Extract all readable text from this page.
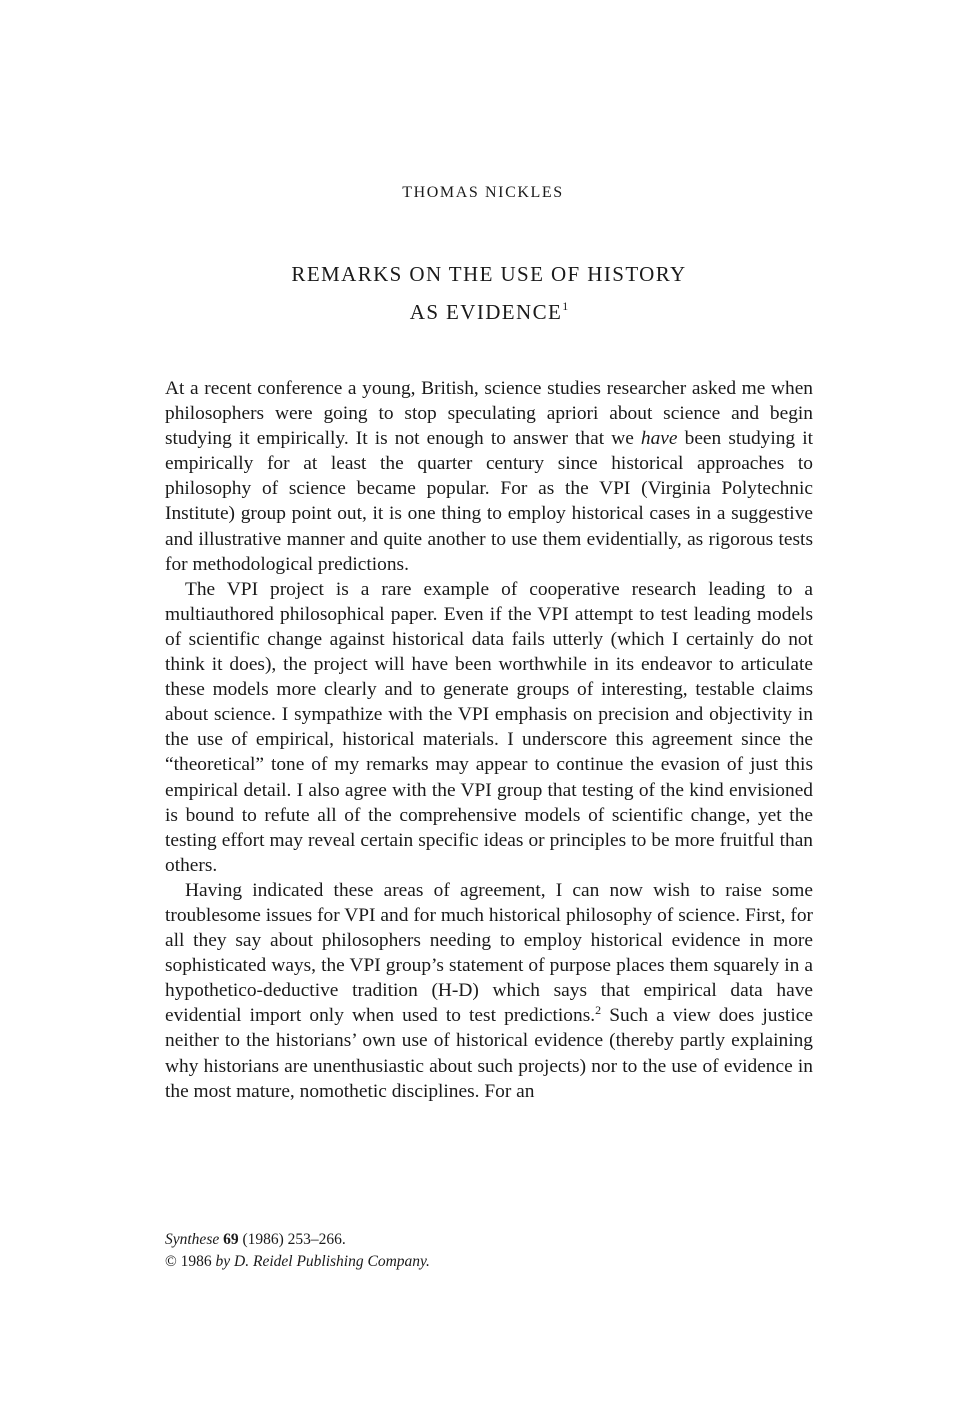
THOMAS NICKLES
REMARKS ON THE USE OF HISTORY
AS EVIDENCE$^1$

At a recent conference a young, British, science studies researcher asked me when philosophers were going to stop speculating apriori about science and begin studying it empirically. It is not enough to answer that we have been studying it empirically for at least the quarter century since historical approaches to philosophy of science became popular. For as the VPI (Virginia Polytechnic Institute) group point out, it is one thing to employ historical cases in a suggestive and illustrative manner and quite another to use them evidentially, as rigorous tests for methodological predictions.

The VPI project is a rare example of cooperative research leading to a multiauthored philosophical paper. Even if the VPI attempt to test leading models of scientific change against historical data fails utterly (which I certainly do not think it does), the project will have been worthwhile in its endeavor to articulate these models more clearly and to generate groups of interesting, testable claims about science. I sympathize with the VPI emphasis on precision and objectivity in the use of empirical, historical materials. I underscore this agreement since the “theoretical” tone of my remarks may appear to continue the evasion of just this empirical detail. I also agree with the VPI group that testing of the kind envisioned is bound to refute all of the comprehensive models of scientific change, yet the testing effort may reveal certain specific ideas or principles to be more fruitful than others.

Having indicated these areas of agreement, I can now wish to raise some troublesome issues for VPI and for much historical philosophy of science. First, for all they say about philosophers needing to employ historical evidence in more sophisticated ways, the VPI group’s statement of purpose places them squarely in a hypothetico-deductive tradition (H-D) which says that empirical data have evidential import only when used to test predictions.$^2$ Such a view does justice neither to the historians’ own use of historical evidence (thereby partly explaining why historians are unenthusiastic about such projects) nor to the use of evidence in the most mature, nomothetic disciplines. For an

Synthese 69 (1986) 253–266.
© 1986 by D. Reidel Publishing Company.
